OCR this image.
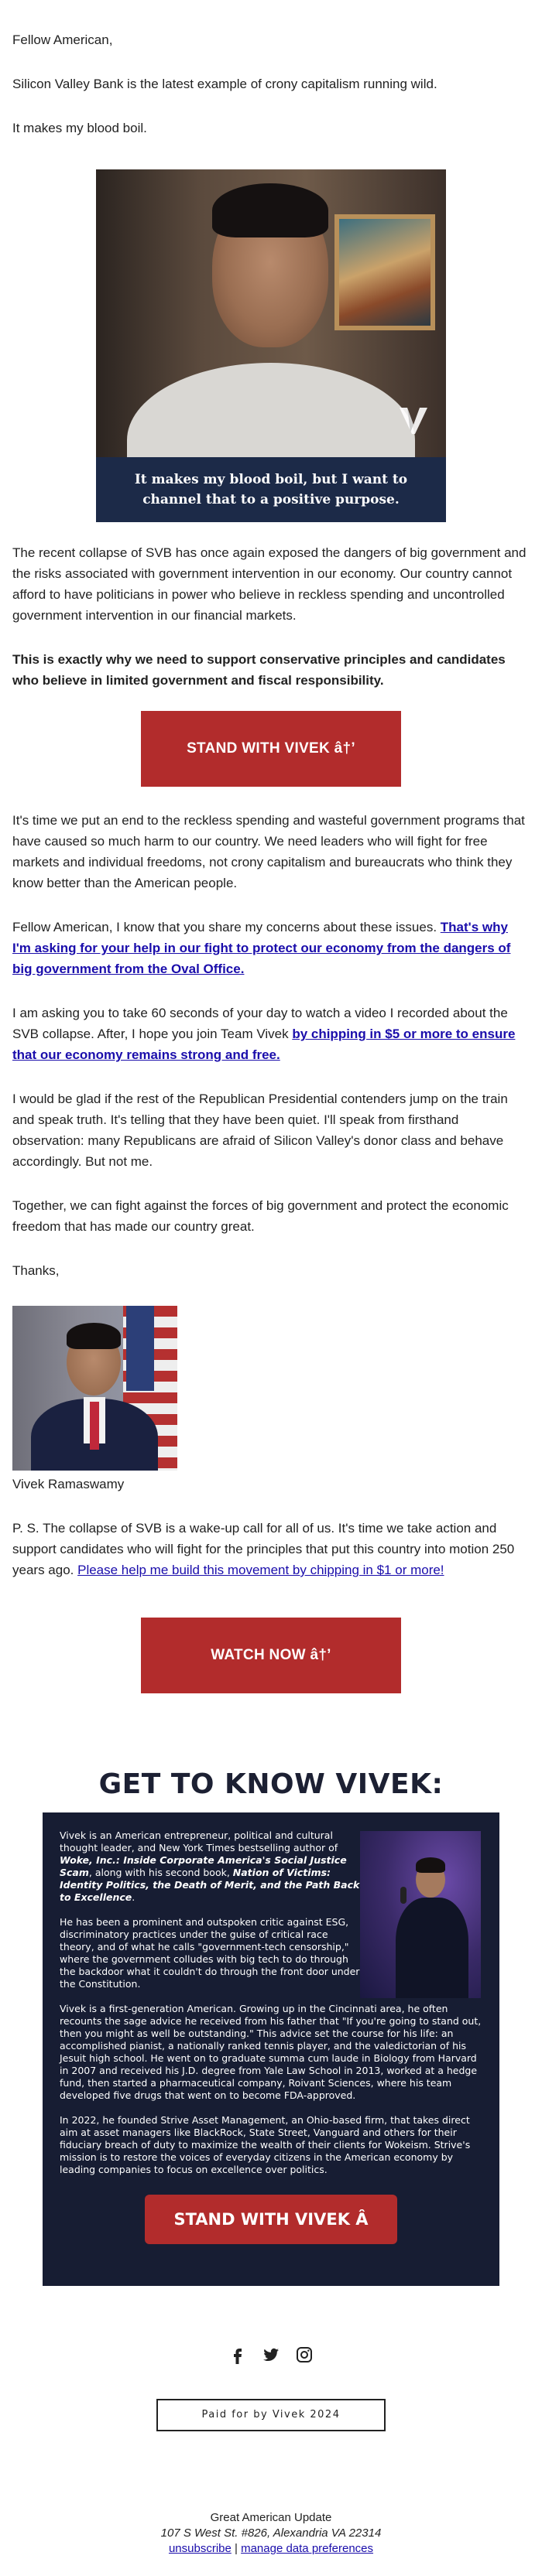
Fellow American,

Silicon Valley Bank is the latest example of crony capitalism running wild.

It makes my blood boil.

It makes my blood boil, but I want to
channel that to a positive purpose.

The recent collapse of SVB has once again exposed the dangers of big government and the risks associated with government intervention in our economy. Our country cannot afford to have politicians in power who believe in reckless spending and uncontrolled government intervention in our financial markets.

This is exactly why we need to support conservative principles and candidates who believe in limited government and fiscal responsibility.

STAND WITH VIVEK â†’

It's time we put an end to the reckless spending and wasteful government programs that have caused so much harm to our country. We need leaders who will fight for free markets and individual freedoms, not crony capitalism and bureaucrats who think they know better than the American people.

Fellow American, I know that you share my concerns about these issues. That's why I'm asking for your help in our fight to protect our economy from the dangers of big government from the Oval Office.

I am asking you to take 60 seconds of your day to watch a video I recorded about the SVB collapse. After, I hope you join Team Vivek by chipping in $5 or more to ensure that our economy remains strong and free.

I would be glad if the rest of the Republican Presidential contenders jump on the train and speak truth. It's telling that they have been quiet. I'll speak from firsthand observation: many Republicans are afraid of Silicon Valley's donor class and behave accordingly. But not me.

Together, we can fight against the forces of big government and protect the economic freedom that has made our country great.

Thanks,

Vivek Ramaswamy

P. S. The collapse of SVB is a wake-up call for all of us. It's time we take action and support candidates who will fight for the principles that put this country into motion 250 years ago. Please help me build this movement by chipping in $1 or more!

WATCH NOW â†’
GET TO KNOW VIVEK:

Vivek is an American entrepreneur, political and cultural thought leader, and New York Times bestselling author of Woke, Inc.: Inside Corporate America's Social Justice Scam, along with his second book, Nation of Victims: Identity Politics, the Death of Merit, and the Path Back to Excellence.

He has been a prominent and outspoken critic against ESG, discriminatory practices under the guise of critical race theory, and of what he calls "government-tech censorship," where the government colludes with big tech to do through the backdoor what it couldn't do through the front door under the Constitution.

Vivek is a first-generation American. Growing up in the Cincinnati area, he often recounts the sage advice he received from his father that "If you're going to stand out, then you might as well be outstanding." This advice set the course for his life: an accomplished pianist, a nationally ranked tennis player, and the valedictorian of his Jesuit high school. He went on to graduate summa cum laude in Biology from Harvard in 2007 and received his J.D. degree from Yale Law School in 2013, worked at a hedge fund, then started a pharmaceutical company, Roivant Sciences, where his team developed five drugs that went on to become FDA-approved.

In 2022, he founded Strive Asset Management, an Ohio-based firm, that takes direct aim at asset managers like BlackRock, State Street, Vanguard and others for their fiduciary breach of duty to maximize the wealth of their clients for Wokeism. Strive's mission is to restore the voices of everyday citizens in the American economy by leading companies to focus on excellence over politics.

STAND WITH VIVEK Â

Paid for by Vivek 2024
Great American Update
107 S West St. #826, Alexandria VA 22314
unsubscribe | manage data preferences
